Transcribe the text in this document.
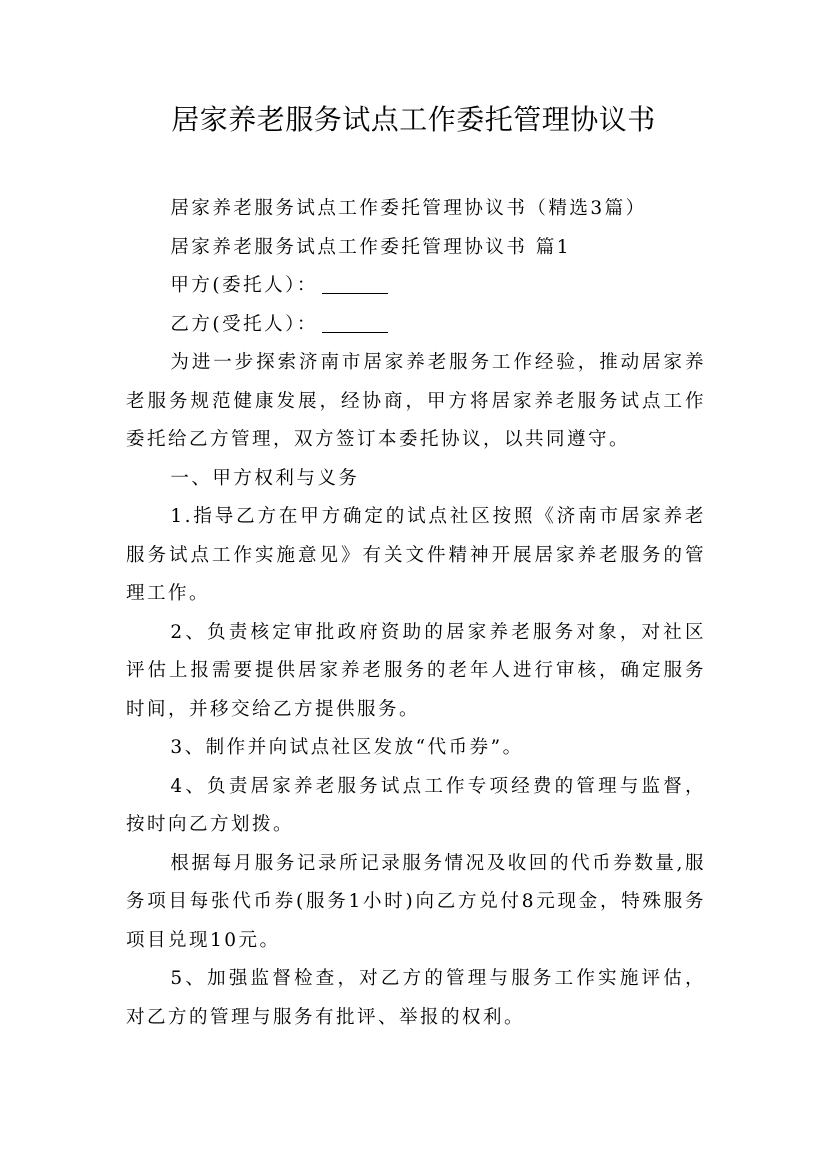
居家养老服务试点工作委托管理协议书

居家养老服务试点工作委托管理协议书（精选3篇）

居家养老服务试点工作委托管理协议书 篇1

甲方(委托人）：

乙方(受托人）：

为进一步探索济南市居家养老服务工作经验，推动居家养老服务规范健康发展，经协商，甲方将居家养老服务试点工作委托给乙方管理，双方签订本委托协议，以共同遵守。

一、甲方权利与义务

1.指导乙方在甲方确定的试点社区按照《济南市居家养老服务试点工作实施意见》有关文件精神开展居家养老服务的管理工作。

2、负责核定审批政府资助的居家养老服务对象，对社区评估上报需要提供居家养老服务的老年人进行审核，确定服务时间，并移交给乙方提供服务。

3、制作并向试点社区发放“代币券”。

4、负责居家养老服务试点工作专项经费的管理与监督，按时向乙方划拨。

根据每月服务记录所记录服务情况及收回的代币券数量,服务项目每张代币券(服务1小时)向乙方兑付8元现金，特殊服务项目兑现10元。

5、加强监督检查，对乙方的管理与服务工作实施评估，对乙方的管理与服务有批评、举报的权利。
